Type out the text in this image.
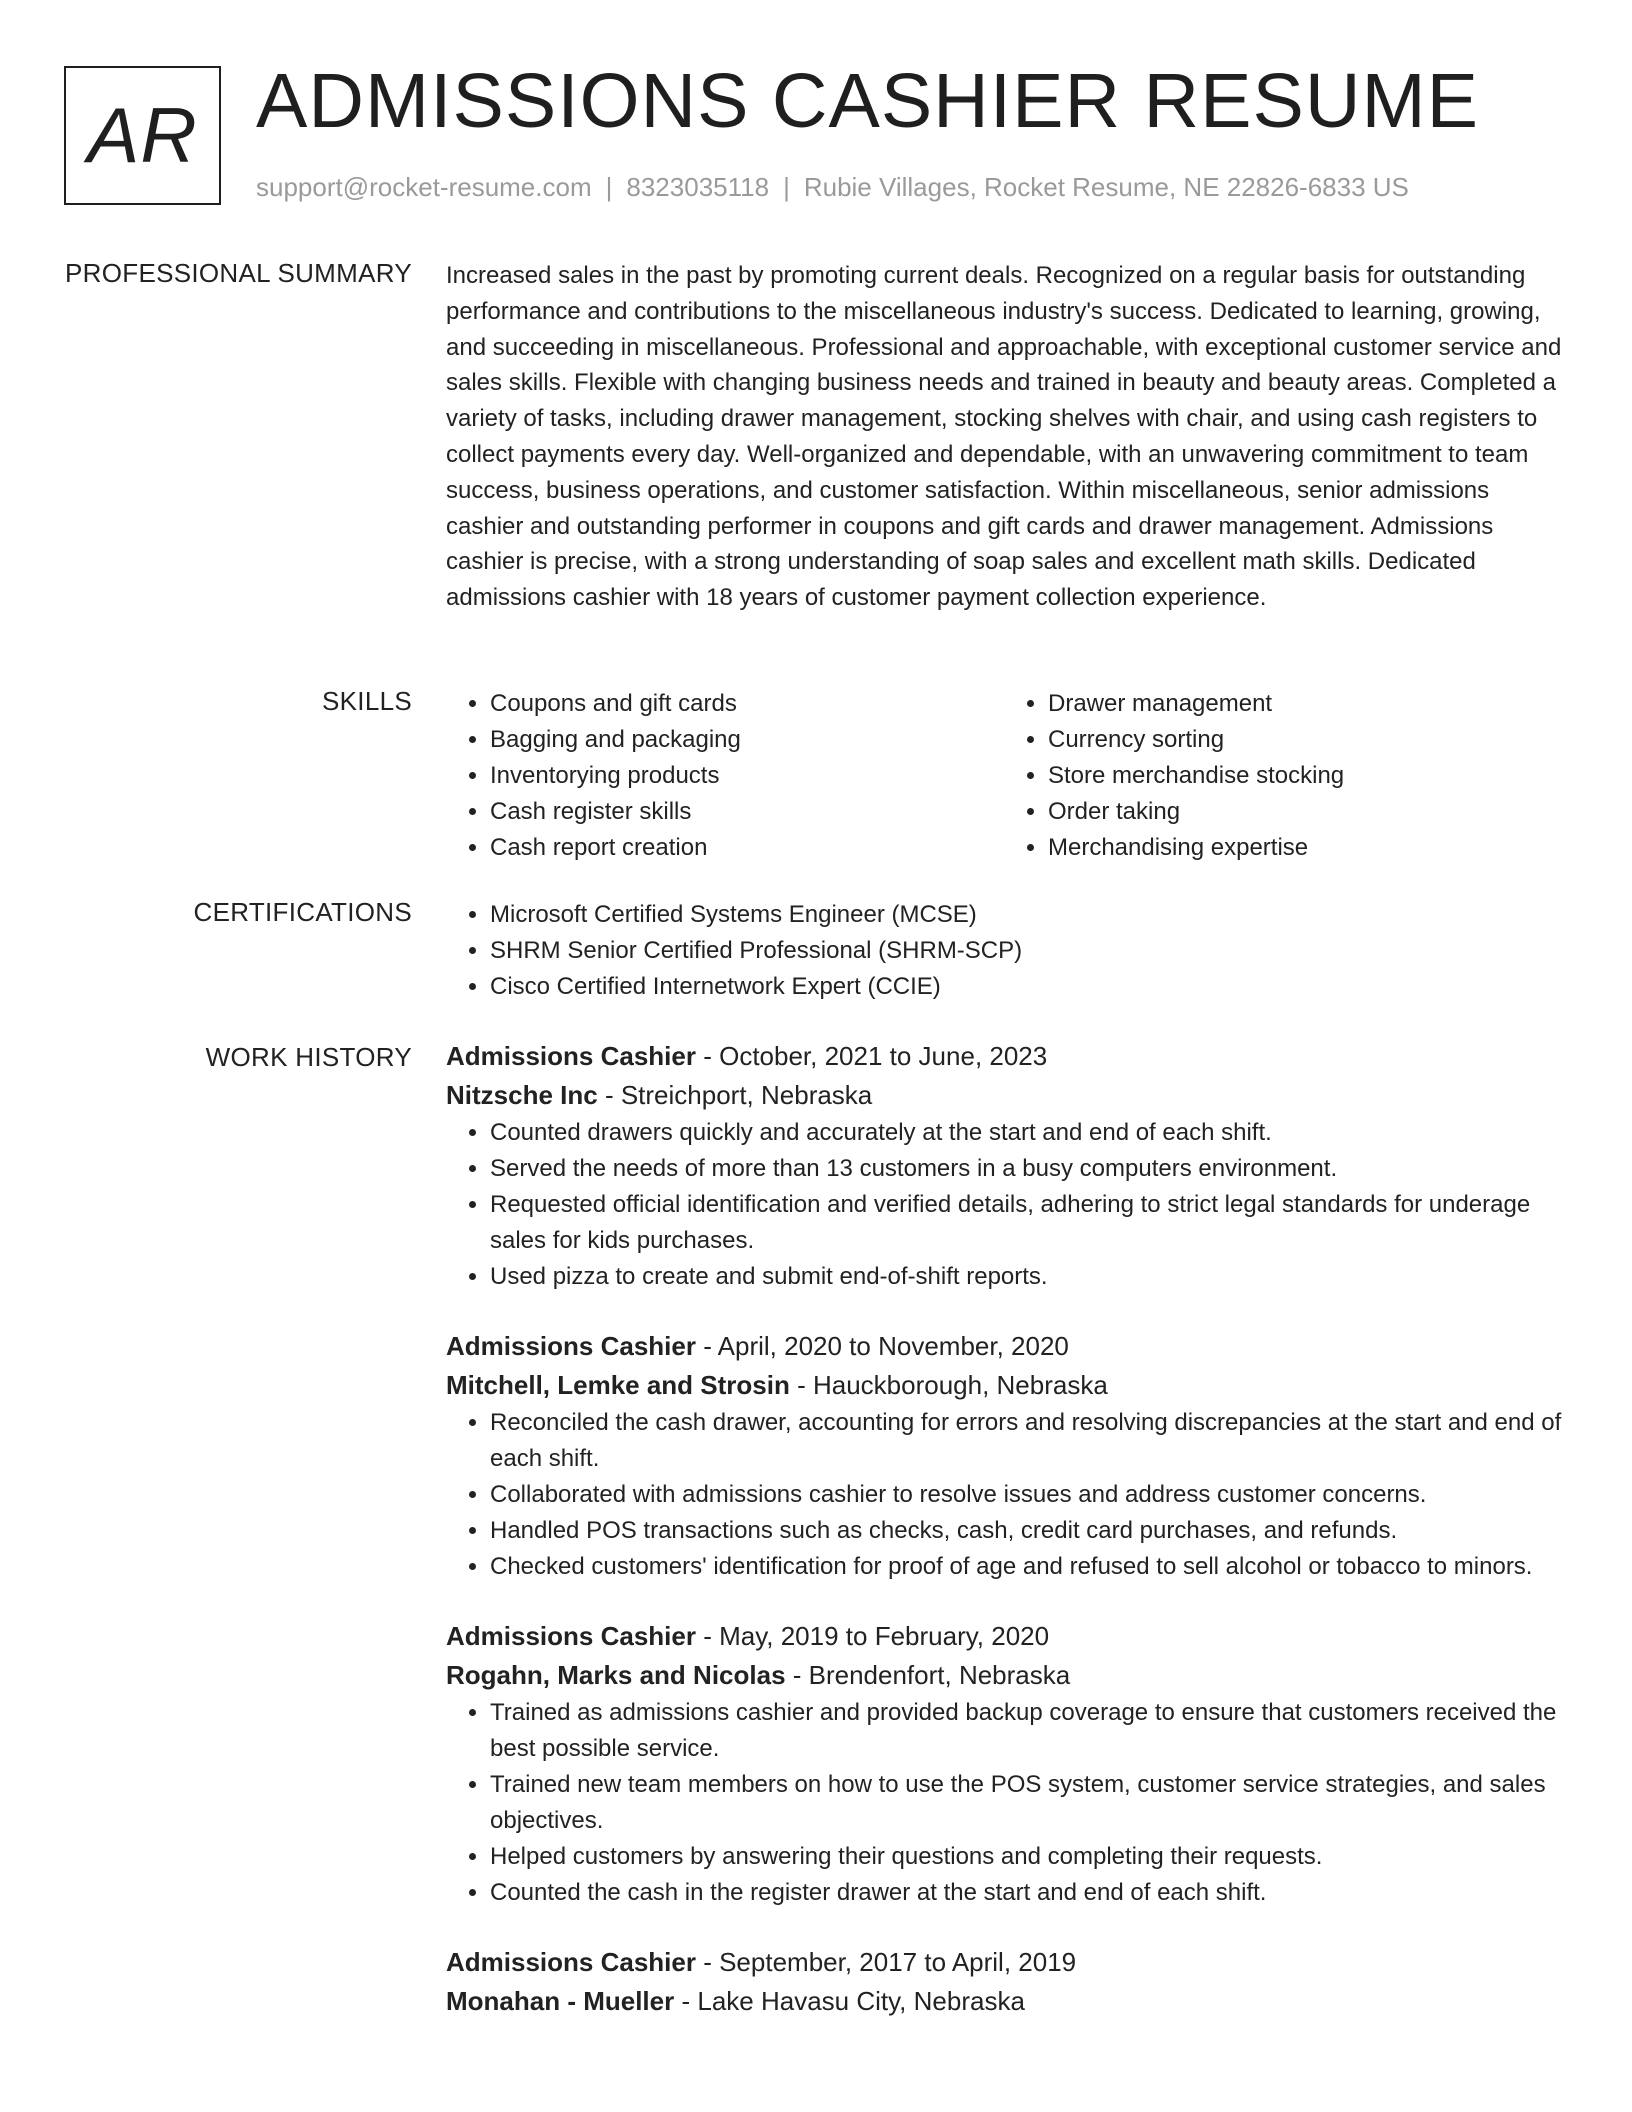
AR ADMISSIONS CASHIER RESUME

support@rocket-resume.com | 8323035118 | Rubie Villages, Rocket Resume, NE 22826-6833 US

PROFESSIONAL SUMMARY Increased sales in the past by promoting current deals. Recognized on a regular basis for outstanding performance and contributions to the miscellaneous industry's success. Dedicated to learning, growing, and succeeding in miscellaneous. Professional and approachable, with exceptional customer service and sales skills. Flexible with changing business needs and trained in beauty and beauty areas. Completed a variety of tasks, including drawer management, stocking shelves with chair, and using cash registers to collect payments every day. Well-organized and dependable, with an unwavering commitment to team success, business operations, and customer satisfaction. Within miscellaneous, senior admissions cashier and outstanding performer in coupons and gift cards and drawer management. Admissions cashier is precise, with a strong understanding of soap sales and excellent math skills. Dedicated admissions cashier with 18 years of customer payment collection experience.

SKILLS	• Coupons and gift cards
• Bagging and packaging
• Inventorying products
• Cash register skills
• Cash report creation
• Drawer management
• Currency sorting
• Store merchandise stocking
• Order taking
• Merchandising expertise
CERTIFICATIONS	• Microsoft Certified Systems Engineer (MCSE)
• SHRM Senior Certified Professional (SHRM-SCP)
• Cisco Certified Internetwork Expert (CCIE)
WORK HISTORY Admissions Cashier - October, 2021 to June, 2023

Nitzsche Inc - Streichport, Nebraska

• Counted drawers quickly and accurately at the start and end of each shift.
• Served the needs of more than 13 customers in a busy computers environment.
• Requested official identification and verified details, adhering to strict legal standards for underage sales for kids purchases.
• Used pizza to create and submit end-of-shift reports.

Admissions Cashier - April, 2020 to November, 2020

Mitchell, Lemke and Strosin - Hauckborough, Nebraska

• Reconciled the cash drawer, accounting for errors and resolving discrepancies at the start and end of each shift.
• Collaborated with admissions cashier to resolve issues and address customer concerns.
• Handled POS transactions such as checks, cash, credit card purchases, and refunds.
• Checked customers' identification for proof of age and refused to sell alcohol or tobacco to minors.

Admissions Cashier - May, 2019 to February, 2020

Rogahn, Marks and Nicolas - Brendenfort, Nebraska

• Trained as admissions cashier and provided backup coverage to ensure that customers received the best possible service.
• Trained new team members on how to use the POS system, customer service strategies, and sales objectives.
• Helped customers by answering their questions and completing their requests.
• Counted the cash in the register drawer at the start and end of each shift.

Admissions Cashier - September, 2017 to April, 2019

Monahan - Mueller - Lake Havasu City, Nebraska
